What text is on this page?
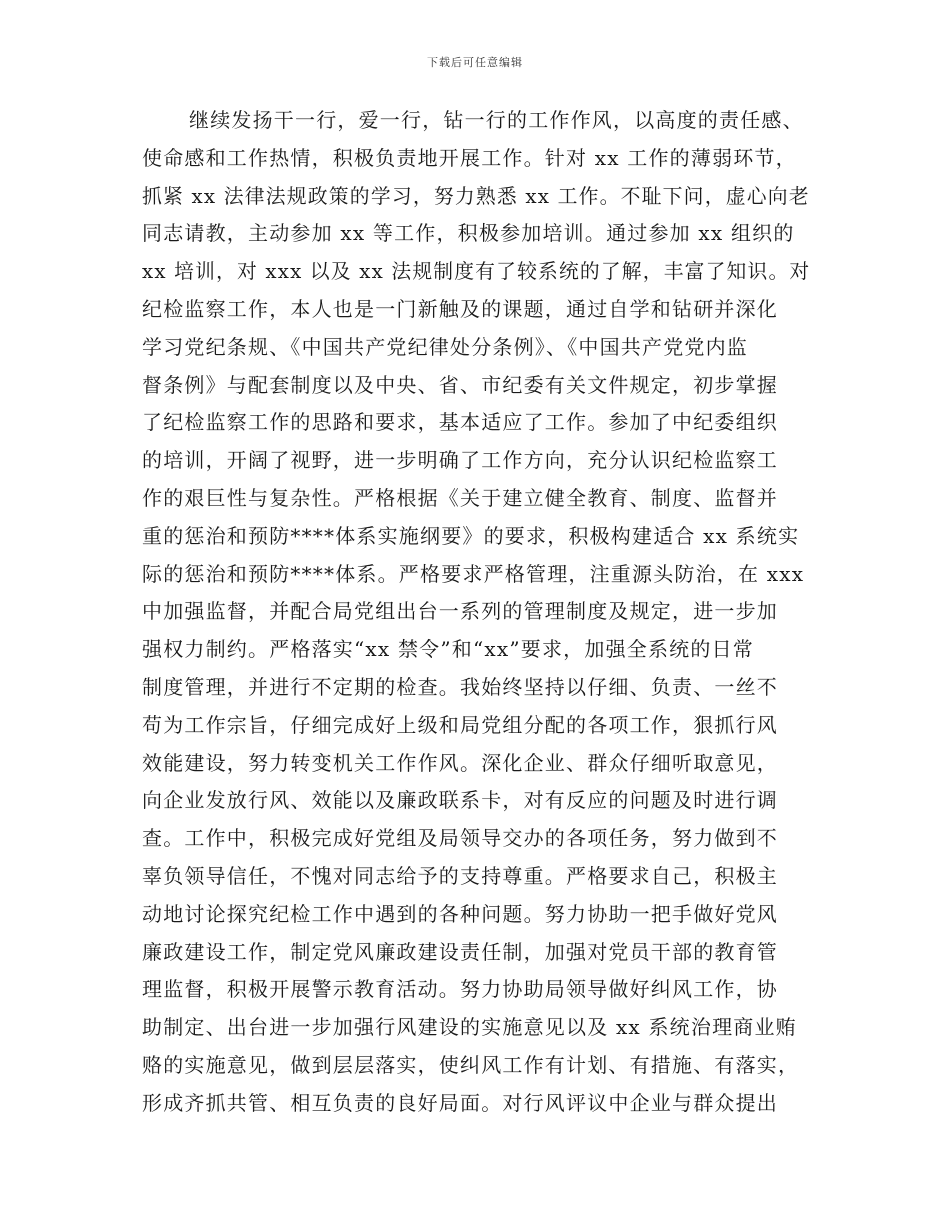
下载后可任意编辑
继续发扬干一行，爱一行，钻一行的工作作风，以高度的责任感、
使命感和工作热情，积极负责地开展工作。针对 xx 工作的薄弱环节，
抓紧 xx 法律法规政策的学习，努力熟悉 xx 工作。不耻下问，虚心向老
同志请教，主动参加 xx 等工作，积极参加培训。通过参加 xx 组织的
xx 培训，对 xxx 以及 xx 法规制度有了较系统的了解，丰富了知识。对
纪检监察工作，本人也是一门新触及的课题，通过自学和钻研并深化
学习党纪条规、《中国共产党纪律处分条例》、《中国共产党党内监
督条例》与配套制度以及中央、省、市纪委有关文件规定，初步掌握
了纪检监察工作的思路和要求，基本适应了工作。参加了中纪委组织
的培训，开阔了视野，进一步明确了工作方向，充分认识纪检监察工
作的艰巨性与复杂性。严格根据《关于建立健全教育、制度、监督并
重的惩治和预防****体系实施纲要》的要求，积极构建适合 xx 系统实
际的惩治和预防****体系。严格要求严格管理，注重源头防治，在 xxx
中加强监督，并配合局党组出台一系列的管理制度及规定，进一步加
强权力制约。严格落实“xx 禁令”和“xx”要求，加强全系统的日常
制度管理，并进行不定期的检查。我始终坚持以仔细、负责、一丝不
苟为工作宗旨，仔细完成好上级和局党组分配的各项工作，狠抓行风
效能建设，努力转变机关工作作风。深化企业、群众仔细听取意见，
向企业发放行风、效能以及廉政联系卡，对有反应的问题及时进行调
查。工作中，积极完成好党组及局领导交办的各项任务，努力做到不
辜负领导信任，不愧对同志给予的支持尊重。严格要求自己，积极主
动地讨论探究纪检工作中遇到的各种问题。努力协助一把手做好党风
廉政建设工作，制定党风廉政建设责任制，加强对党员干部的教育管
理监督，积极开展警示教育活动。努力协助局领导做好纠风工作，协
助制定、出台进一步加强行风建设的实施意见以及 xx 系统治理商业贿
赂的实施意见，做到层层落实，使纠风工作有计划、有措施、有落实，
形成齐抓共管、相互负责的良好局面。对行风评议中企业与群众提出
